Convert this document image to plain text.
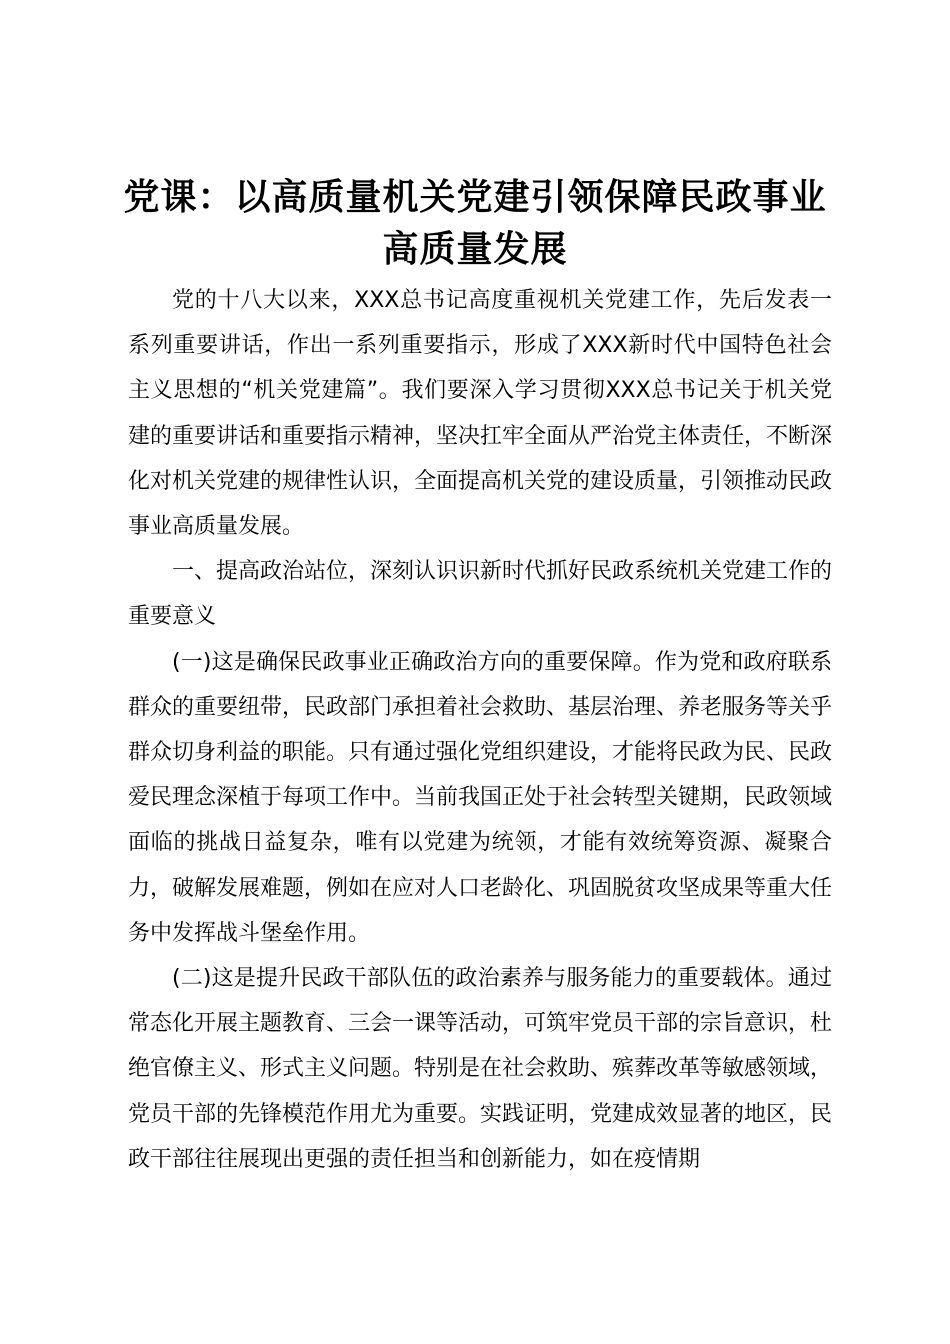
党课：以高质量机关党建引领保障民政事业高质量发展

党的十八大以来，XXX总书记高度重视机关党建工作，先后发表一系列重要讲话，作出一系列重要指示，形成了XXX新时代中国特色社会主义思想的“机关党建篇”。我们要深入学习贯彻XXX总书记关于机关党建的重要讲话和重要指示精神，坚决扛牢全面从严治党主体责任，不断深化对机关党建的规律性认识，全面提高机关党的建设质量，引领推动民政事业高质量发展。

一、提高政治站位，深刻认识识新时代抓好民政系统机关党建工作的重要意义

(一)这是确保民政事业正确政治方向的重要保障。作为党和政府联系群众的重要纽带，民政部门承担着社会救助、基层治理、养老服务等关乎群众切身利益的职能。只有通过强化党组织建设，才能将民政为民、民政爱民理念深植于每项工作中。当前我国正处于社会转型关键期，民政领域面临的挑战日益复杂，唯有以党建为统领，才能有效统筹资源、凝聚合力，破解发展难题，例如在应对人口老龄化、巩固脱贫攻坚成果等重大任务中发挥战斗堡垒作用。

(二)这是提升民政干部队伍的政治素养与服务能力的重要载体。通过常态化开展主题教育、三会一课等活动，可筑牢党员干部的宗旨意识，杜绝官僚主义、形式主义问题。特别是在社会救助、殡葬改革等敏感领域，党员干部的先锋模范作用尤为重要。实践证明，党建成效显著的地区，民政干部往往展现出更强的责任担当和创新能力，如在疫情期
